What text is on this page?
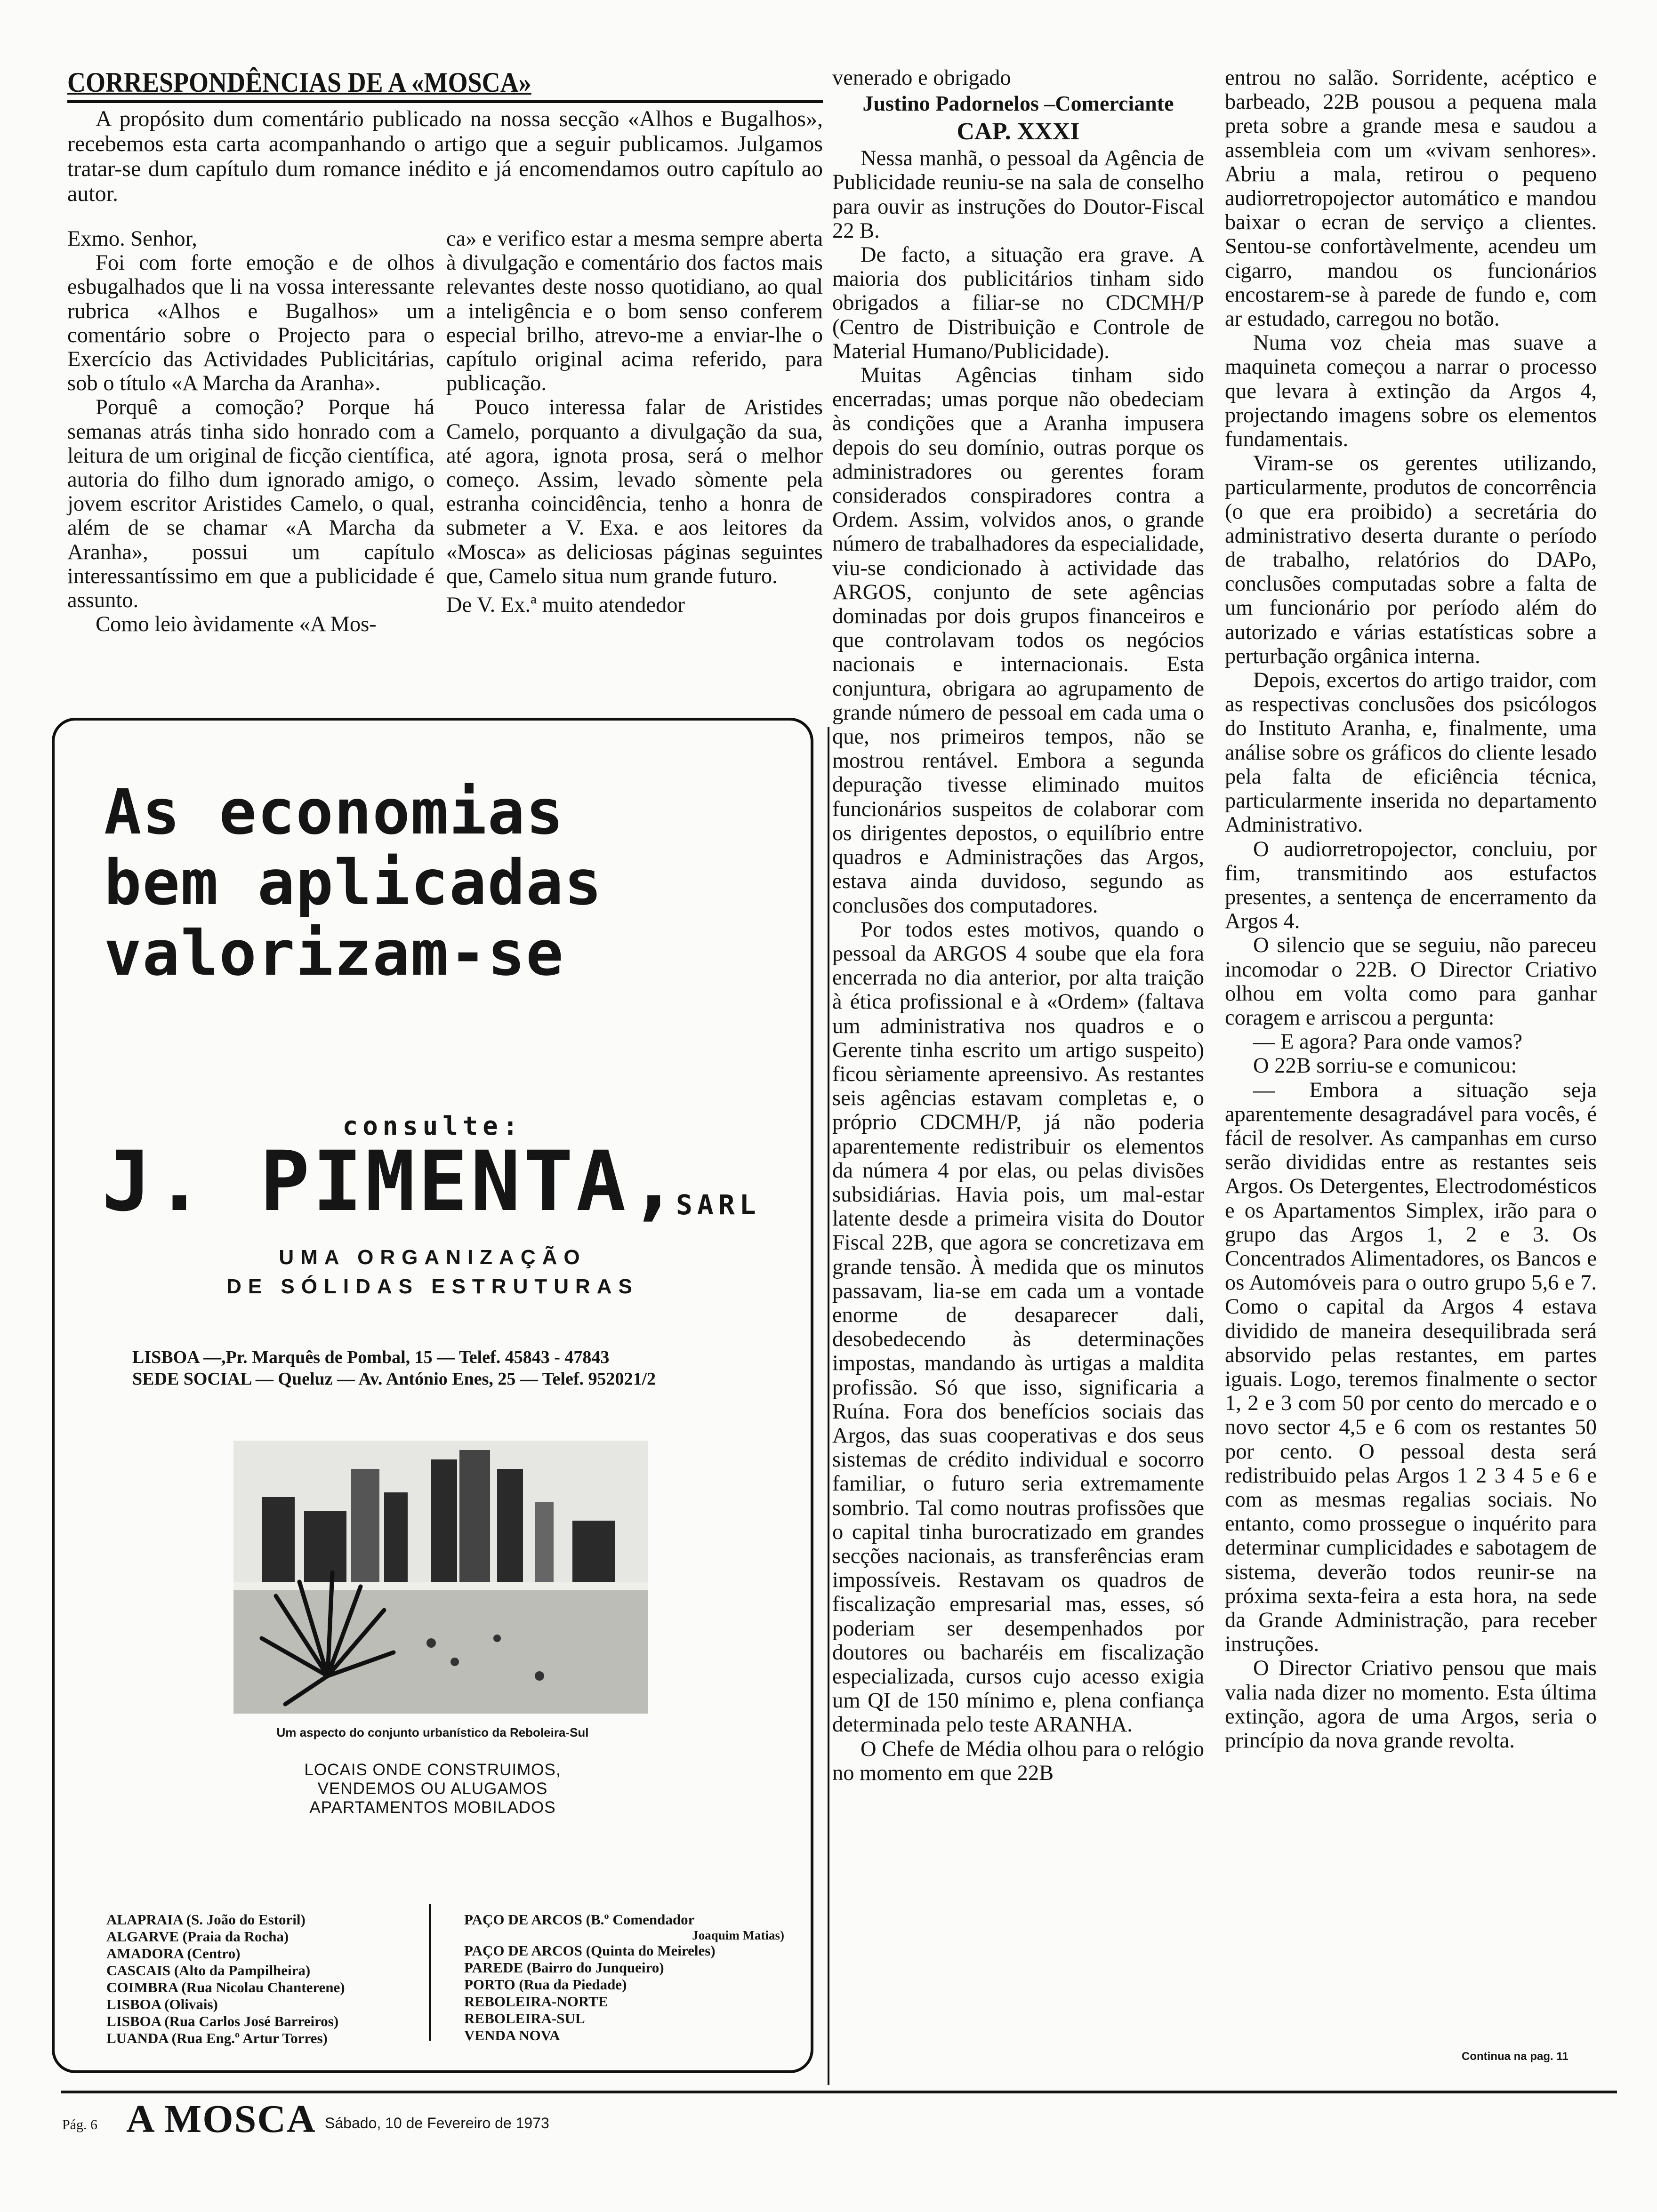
CORRESPONDÊNCIAS DE A «MOSCA»

A propósito dum comentário publicado na nossa secção «Alhos e Bugalhos», recebemos esta carta acompanhando o artigo que a seguir publicamos. Julgamos tratar-se dum capítulo dum romance inédito e já encomendamos outro capítulo ao autor.

Exmo. Senhor,

Foi com forte emoção e de olhos esbugalhados que li na vossa interessante rubrica «Alhos e Bugalhos» um comentário sobre o Projecto para o Exercício das Actividades Publicitárias, sob o título «A Marcha da Aranha».

Porquê a comoção? Porque há semanas atrás tinha sido honrado com a leitura de um original de ficção científica, autoria do filho dum ignorado amigo, o jovem escritor Aristides Camelo, o qual, além de se chamar «A Marcha da Aranha», possui um capítulo interessantíssimo em que a publicidade é assunto.

Como leio àvidamente «A Mos-

ca» e verifico estar a mesma sempre aberta à divulgação e comentário dos factos mais relevantes deste nosso quotidiano, ao qual a inteligência e o bom senso conferem especial brilho, atrevo-me a enviar-lhe o capítulo original acima referido, para publicação.

Pouco interessa falar de Aristides Camelo, porquanto a divulgação da sua, até agora, ignota prosa, será o melhor começo. Assim, levado sòmente pela estranha coincidência, tenho a honra de submeter a V. Exa. e aos leitores da «Mosca» as deliciosas páginas seguintes que, Camelo situa num grande futuro.

De V. Ex.ª muito atendedor

venerado e obrigado

Justino Padornelos –Comerciante

CAP. XXXI

Nessa manhã, o pessoal da Agência de Publicidade reuniu-se na sala de conselho para ouvir as instruções do Doutor-Fiscal 22 B.

De facto, a situação era grave. A maioria dos publicitários tinham sido obrigados a filiar-se no CDCMH/P (Centro de Distribuição e Controle de Material Humano/Publicidade).

Muitas Agências tinham sido encerradas; umas porque não obedeciam às condições que a Aranha impusera depois do seu domínio, outras porque os administradores ou gerentes foram considerados conspiradores contra a Ordem. Assim, volvidos anos, o grande número de trabalhadores da especialidade, viu-se condicionado à actividade das ARGOS, conjunto de sete agências dominadas por dois grupos financeiros e que controlavam todos os negócios nacionais e internacionais. Esta conjuntura, obrigara ao agrupamento de grande número de pessoal em cada uma o que, nos primeiros tempos, não se mostrou rentável. Embora a segunda depuração tivesse eliminado muitos funcionários suspeitos de colaborar com os dirigentes depostos, o equilíbrio entre quadros e Administrações das Argos, estava ainda duvidoso, segundo as conclusões dos computadores.

Por todos estes motivos, quando o pessoal da ARGOS 4 soube que ela fora encerrada no dia anterior, por alta traição à ética profissional e à «Ordem» (faltava um administrativa nos quadros e o Gerente tinha escrito um artigo suspeito) ficou sèriamente apreensivo. As restantes seis agências estavam completas e, o próprio CDCMH/P, já não poderia aparentemente redistribuir os elementos da númera 4 por elas, ou pelas divisões subsidiárias. Havia pois, um mal-estar latente desde a primeira visita do Doutor Fiscal 22B, que agora se concretizava em grande tensão. À medida que os minutos passavam, lia-se em cada um a vontade enorme de desaparecer dali, desobedecendo às determinações impostas, mandando às urtigas a maldita profissão. Só que isso, significaria a Ruína. Fora dos benefícios sociais das Argos, das suas cooperativas e dos seus sistemas de crédito individual e socorro familiar, o futuro seria extremamente sombrio. Tal como noutras profissões que o capital tinha burocratizado em grandes secções nacionais, as transferências eram impossíveis. Restavam os quadros de fiscalização empresarial mas, esses, só poderiam ser desempenhados por doutores ou bacharéis em fiscalização especializada, cursos cujo acesso exigia um QI de 150 mínimo e, plena confiança determinada pelo teste ARANHA.

O Chefe de Média olhou para o relógio no momento em que 22B

entrou no salão. Sorridente, acéptico e barbeado, 22B pousou a pequena mala preta sobre a grande mesa e saudou a assembleia com um «vivam senhores». Abriu a mala, retirou o pequeno audiorretropojector automático e mandou baixar o ecran de serviço a clientes. Sentou-se confortàvelmente, acendeu um cigarro, mandou os funcionários encostarem-se à parede de fundo e, com ar estudado, carregou no botão.

Numa voz cheia mas suave a maquineta começou a narrar o processo que levara à extinção da Argos 4, projectando imagens sobre os elementos fundamentais.

Viram-se os gerentes utilizando, particularmente, produtos de concorrência (o que era proibido) a secretária do administrativo deserta durante o período de trabalho, relatórios do DAPo, conclusões computadas sobre a falta de um funcionário por período além do autorizado e várias estatísticas sobre a perturbação orgânica interna.

Depois, excertos do artigo traidor, com as respectivas conclusões dos psicólogos do Instituto Aranha, e, finalmente, uma análise sobre os gráficos do cliente lesado pela falta de eficiência técnica, particularmente inserida no departamento Administrativo.

O audiorretropojector, concluiu, por fim, transmitindo aos estufactos presentes, a sentença de encerramento da Argos 4.

O silencio que se seguiu, não pareceu incomodar o 22B. O Director Criativo olhou em volta como para ganhar coragem e arriscou a pergunta:

— E agora? Para onde vamos?

O 22B sorriu-se e comunicou:

— Embora a situação seja aparentemente desagradável para vocês, é fácil de resolver. As campanhas em curso serão divididas entre as restantes seis Argos. Os Detergentes, Electrodomésticos e os Apartamentos Simplex, irão para o grupo das Argos 1, 2 e 3. Os Concentrados Alimentadores, os Bancos e os Automóveis para o outro grupo 5,6 e 7. Como o capital da Argos 4 estava dividido de maneira desequilibrada será absorvido pelas restantes, em partes iguais. Logo, teremos finalmente o sector 1, 2 e 3 com 50 por cento do mercado e o novo sector 4,5 e 6 com os restantes 50 por cento. O pessoal desta será redistribuido pelas Argos 1 2 3 4 5 e 6 e com as mesmas regalias sociais. No entanto, como prossegue o inquérito para determinar cumplicidades e sabotagem de sistema, deverão todos reunir-se na próxima sexta-feira a esta hora, na sede da Grande Administração, para receber instruções.

O Director Criativo pensou que mais valia nada dizer no momento. Esta última extinção, agora de uma Argos, seria o princípio da nova grande revolta.

Continua na pag. 11
As economias
bem aplicadas
valorizam-se
consulte:
J. PIMENTA,
SARL
UMA ORGANIZAÇÃO
DE SÓLIDAS ESTRUTURAS
LISBOA —,Pr. Marquês de Pombal, 15 — Telef. 45843 - 47843
SEDE SOCIAL — Queluz — Av. António Enes, 25 — Telef. 952021/2
Um aspecto do conjunto urbanístico da Reboleira-Sul
LOCAIS ONDE CONSTRUIMOS,
VENDEMOS OU ALUGAMOS
APARTAMENTOS MOBILADOS

ALAPRAIA (S. João do Estoril)

ALGARVE (Praia da Rocha)

AMADORA (Centro)

CASCAIS (Alto da Pampilheira)

COIMBRA (Rua Nicolau Chanterene)

LISBOA (Olivais)

LISBOA (Rua Carlos José Barreiros)

LUANDA (Rua Eng.º Artur Torres)

PAÇO DE ARCOS (B.º Comendador

Joaquim Matias)

PAÇO DE ARCOS (Quinta do Meireles)

PAREDE (Bairro do Junqueiro)

PORTO (Rua da Piedade)

REBOLEIRA-NORTE

REBOLEIRA-SUL

VENDA NOVA

Pág. 6 A MOSCA Sábado, 10 de Fevereiro de 1973
